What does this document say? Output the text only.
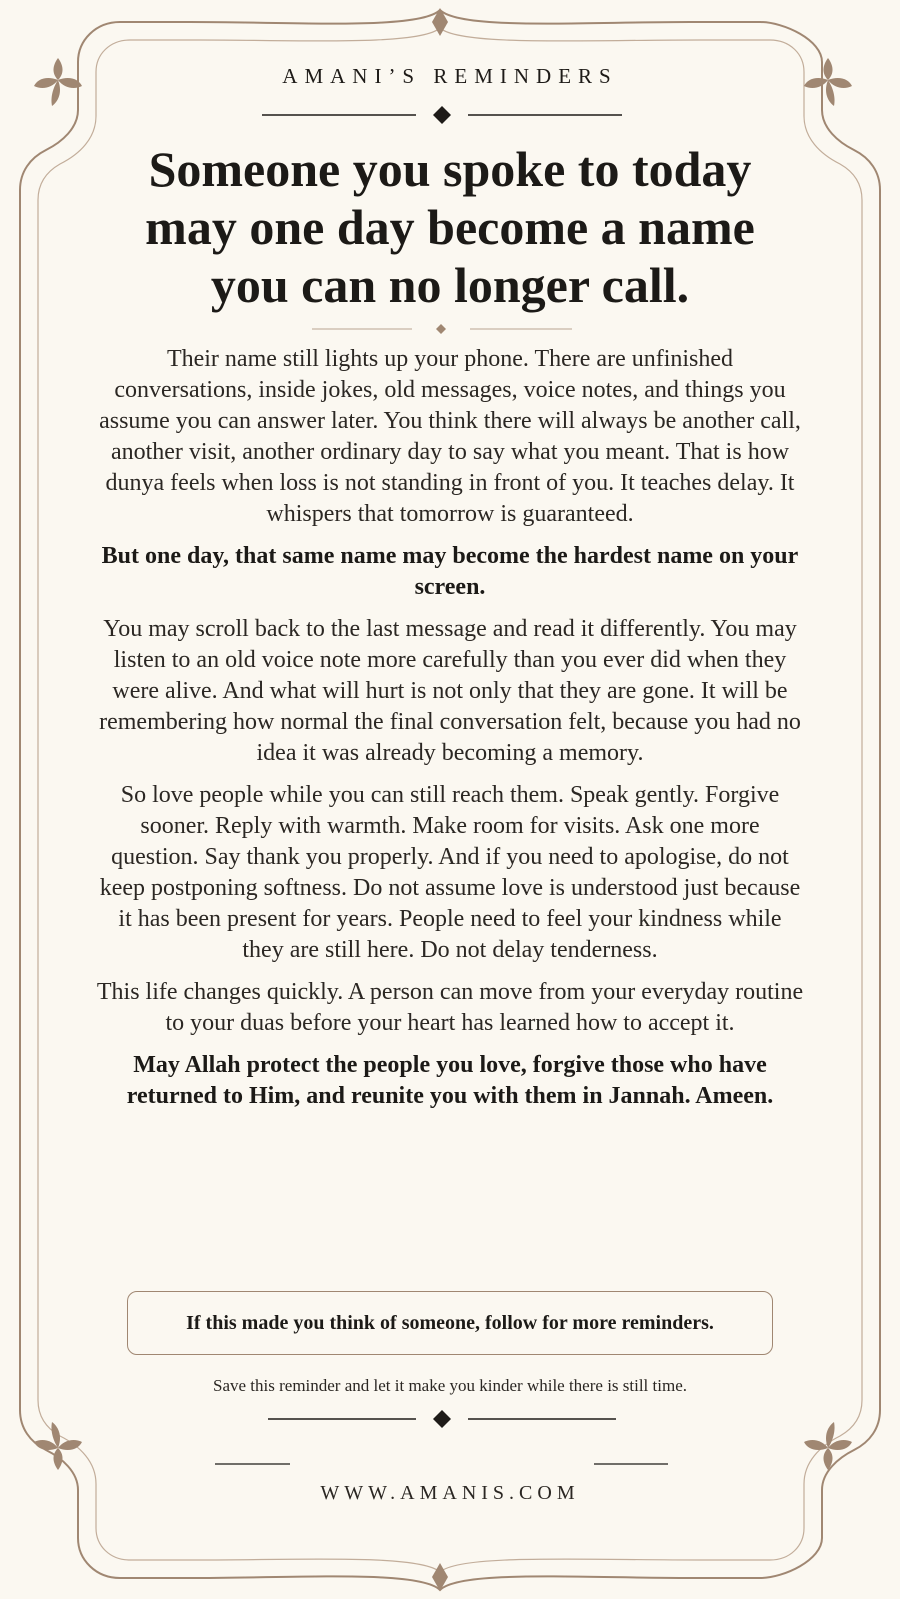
AMANI’S REMINDERS
Someone you spoke to today
may one day become a name
you can no longer call.

Their name still lights up your phone. There are unfinished conversations, inside jokes, old messages, voice notes, and things you assume you can answer later. You think there will always be another call, another visit, another ordinary day to say what you meant. That is how dunya feels when loss is not standing in front of you. It teaches delay. It whispers that tomorrow is guaranteed.

But one day, that same name may become the hardest name on your screen.

You may scroll back to the last message and read it differently. You may listen to an old voice note more carefully than you ever did when they were alive. And what will hurt is not only that they are gone. It will be remembering how normal the final conversation felt, because you had no idea it was already becoming a memory.

So love people while you can still reach them. Speak gently. Forgive sooner. Reply with warmth. Make room for visits. Ask one more question. Say thank you properly. And if you need to apologise, do not keep postponing softness. Do not assume love is understood just because it has been present for years. People need to feel your kindness while they are still here. Do not delay tenderness.

This life changes quickly. A person can move from your everyday routine to your duas before your heart has learned how to accept it.

May Allah protect the people you love, forgive those who have returned to Him, and reunite you with them in Jannah. Ameen.

If this made you think of someone, follow for more reminders.
Save this reminder and let it make you kinder while there is still time.
WWW.AMANIS.COM
